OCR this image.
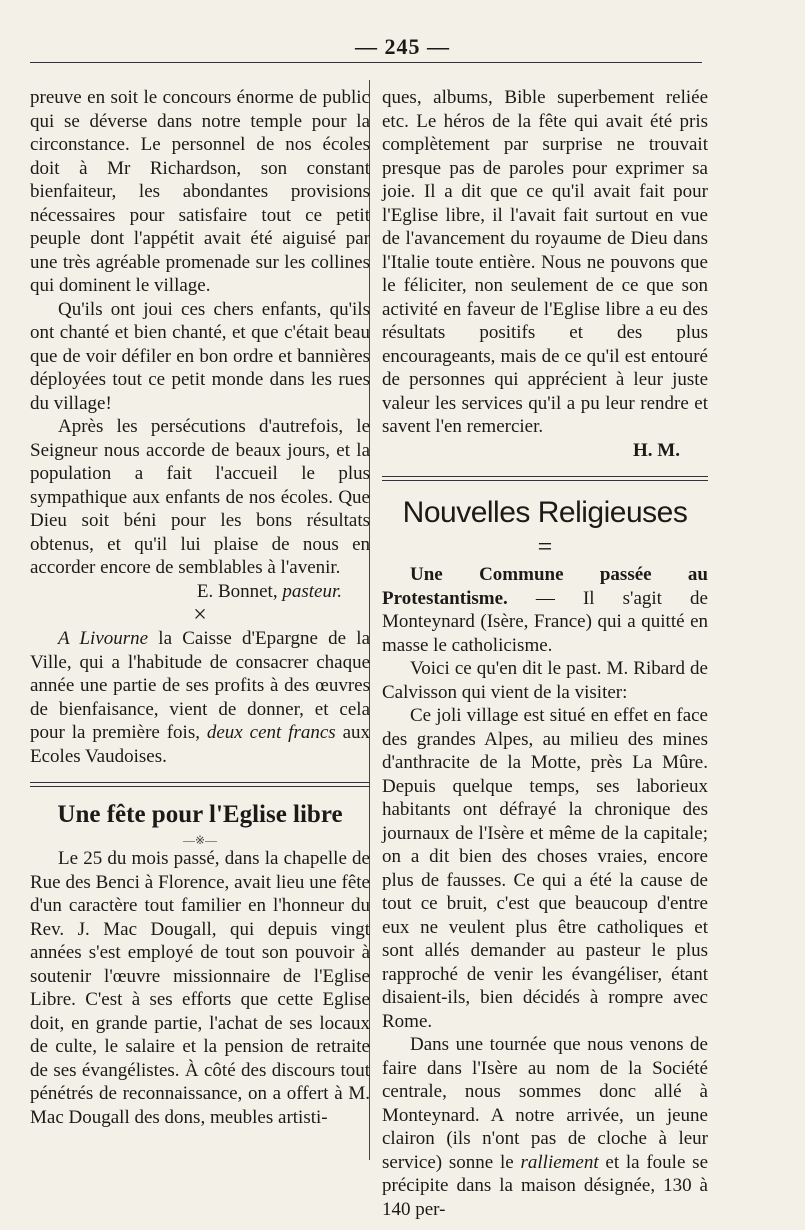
— 245 —

preuve en soit le concours énorme de public qui se déverse dans notre temple pour la circonstance. Le personnel de nos écoles doit à Mr Richardson, son constant bienfaiteur, les abondantes provisions nécessaires pour satisfaire tout ce petit peuple dont l'appétit avait été aiguisé par une très agréable promenade sur les collines qui dominent le village.

Qu'ils ont joui ces chers enfants, qu'ils ont chanté et bien chanté, et que c'était beau que de voir défiler en bon ordre et bannières déployées tout ce petit monde dans les rues du village!

Après les persécutions d'autrefois, le Seigneur nous accorde de beaux jours, et la population a fait l'accueil le plus sympathique aux enfants de nos écoles. Que Dieu soit béni pour les bons résultats obtenus, et qu'il lui plaise de nous en accorder encore de semblables à l'avenir.

E. Bonnet, pasteur.

×

A Livourne la Caisse d'Epargne de la Ville, qui a l'habitude de consacrer chaque année une partie de ses profits à des œuvres de bienfaisance, vient de donner, et cela pour la première fois, deux cent francs aux Ecoles Vaudoises.

Une fête pour l'Eglise libre

—※—

Le 25 du mois passé, dans la chapelle de Rue des Benci à Florence, avait lieu une fête d'un caractère tout familier en l'honneur du Rev. J. Mac Dougall, qui depuis vingt années s'est employé de tout son pouvoir à soutenir l'œuvre missionnaire de l'Eglise Libre. C'est à ses efforts que cette Eglise doit, en grande partie, l'achat de ses locaux de culte, le salaire et la pension de retraite de ses évangélistes. À côté des discours tout pénétrés de reconnaissance, on a offert à M. Mac Dougall des dons, meubles artisti-

ques, albums, Bible superbement reliée etc. Le héros de la fête qui avait été pris complètement par surprise ne trouvait presque pas de paroles pour exprimer sa joie. Il a dit que ce qu'il avait fait pour l'Eglise libre, il l'avait fait surtout en vue de l'avancement du royaume de Dieu dans l'Italie toute entière. Nous ne pouvons que le féliciter, non seulement de ce que son activité en faveur de l'Eglise libre a eu des résultats positifs et des plus encourageants, mais de ce qu'il est entouré de personnes qui apprécient à leur juste valeur les services qu'il a pu leur rendre et savent l'en remercier.

H. M.

Nouvelles Religieuses

=

Une Commune passée au Protestantisme. — Il s'agit de Monteynard (Isère, France) qui a quitté en masse le catholicisme.

Voici ce qu'en dit le past. M. Ribard de Calvisson qui vient de la visiter:

Ce joli village est situé en effet en face des grandes Alpes, au milieu des mines d'anthracite de la Motte, près La Mûre. Depuis quelque temps, ses laborieux habitants ont défrayé la chronique des journaux de l'Isère et même de la capitale; on a dit bien des choses vraies, encore plus de fausses. Ce qui a été la cause de tout ce bruit, c'est que beaucoup d'entre eux ne veulent plus être catholiques et sont allés demander au pasteur le plus rapproché de venir les évangéliser, étant disaient-ils, bien décidés à rompre avec Rome.

Dans une tournée que nous venons de faire dans l'Isère au nom de la Société centrale, nous sommes donc allé à Monteynard. A notre arrivée, un jeune clairon (ils n'ont pas de cloche à leur service) sonne le ralliement et la foule se précipite dans la maison désignée, 130 à 140 per-
